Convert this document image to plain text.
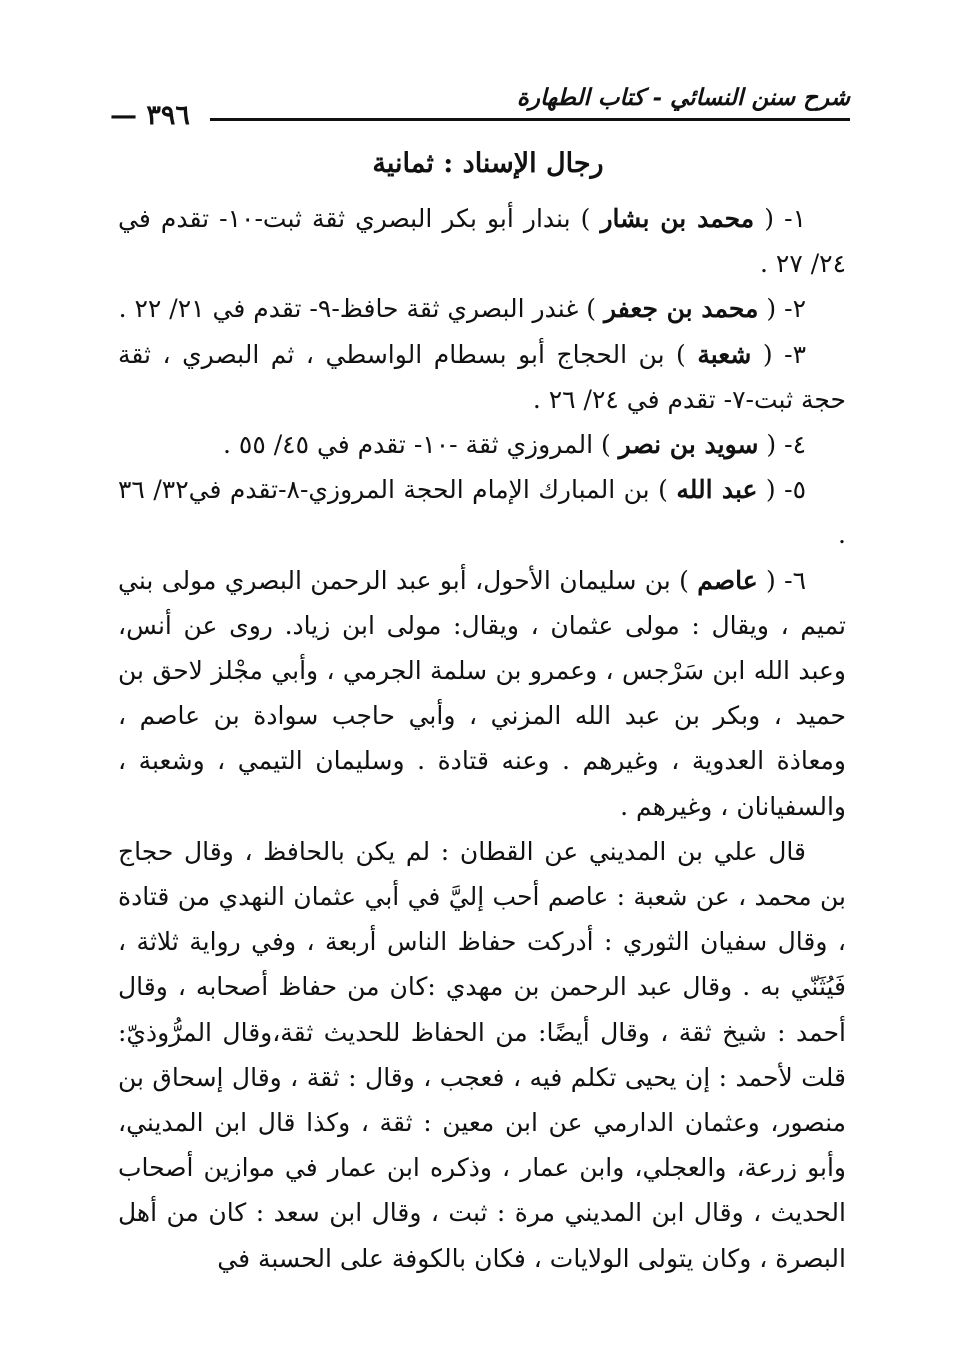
— ٣٩٦
شرح سنن النسائي - كتاب الطهارة
رجال الإسناد : ثمانية

١- ( محمد بن بشار ) بندار أبو بكر البصري ثقة ثبت-١٠- تقدم في ٢٤/ ٢٧ .

٢- ( محمد بن جعفر ) غندر البصري ثقة حافظ-٩- تقدم في ٢١/ ٢٢ .

٣- ( شعبة ) بن الحجاج أبو بسطام الواسطي ، ثم البصري ، ثقة حجة ثبت-٧- تقدم في ٢٤/ ٢٦ .

٤- ( سويد بن نصر ) المروزي ثقة -١٠- تقدم في ٤٥/ ٥٥ .

٥- ( عبد الله ) بن المبارك الإمام الحجة المروزي-٨-تقدم في٣٢/ ٣٦ .

٦- ( عاصم ) بن سليمان الأحول، أبو عبد الرحمن البصري مولى بني تميم ، ويقال : مولى عثمان ، ويقال: مولى ابن زياد. روى عن أنس، وعبد الله ابن سَرْجس ، وعمرو بن سلمة الجرمي ، وأبي مجْلز لاحق بن حميد ، وبكر بن عبد الله المزني ، وأبي حاجب سوادة بن عاصم ، ومعاذة العدوية ، وغيرهم . وعنه قتادة . وسليمان التيمي ، وشعبة ، والسفيانان ، وغيرهم .

قال علي بن المديني عن القطان : لم يكن بالحافظ ، وقال حجاج بن محمد ، عن شعبة : عاصم أحب إليَّ في أبي عثمان النهدي من قتادة ، وقال سفيان الثوري : أدركت حفاظ الناس أربعة ، وفي رواية ثلاثة ، فَيُثَنّي به . وقال عبد الرحمن بن مهدي :كان من حفاظ أصحابه ، وقال أحمد : شيخ ثقة ، وقال أيضًا: من الحفاظ للحديث ثقة،وقال المرُّوذيّ: قلت لأحمد : إن يحيى تكلم فيه ، فعجب ، وقال : ثقة ، وقال إسحاق بن منصور، وعثمان الدارمي عن ابن معين : ثقة ، وكذا قال ابن المديني، وأبو زرعة، والعجلي، وابن عمار ، وذكره ابن عمار في موازين أصحاب الحديث ، وقال ابن المديني مرة : ثبت ، وقال ابن سعد : كان من أهل البصرة ، وكان يتولى الولايات ، فكان بالكوفة على الحسبة في
